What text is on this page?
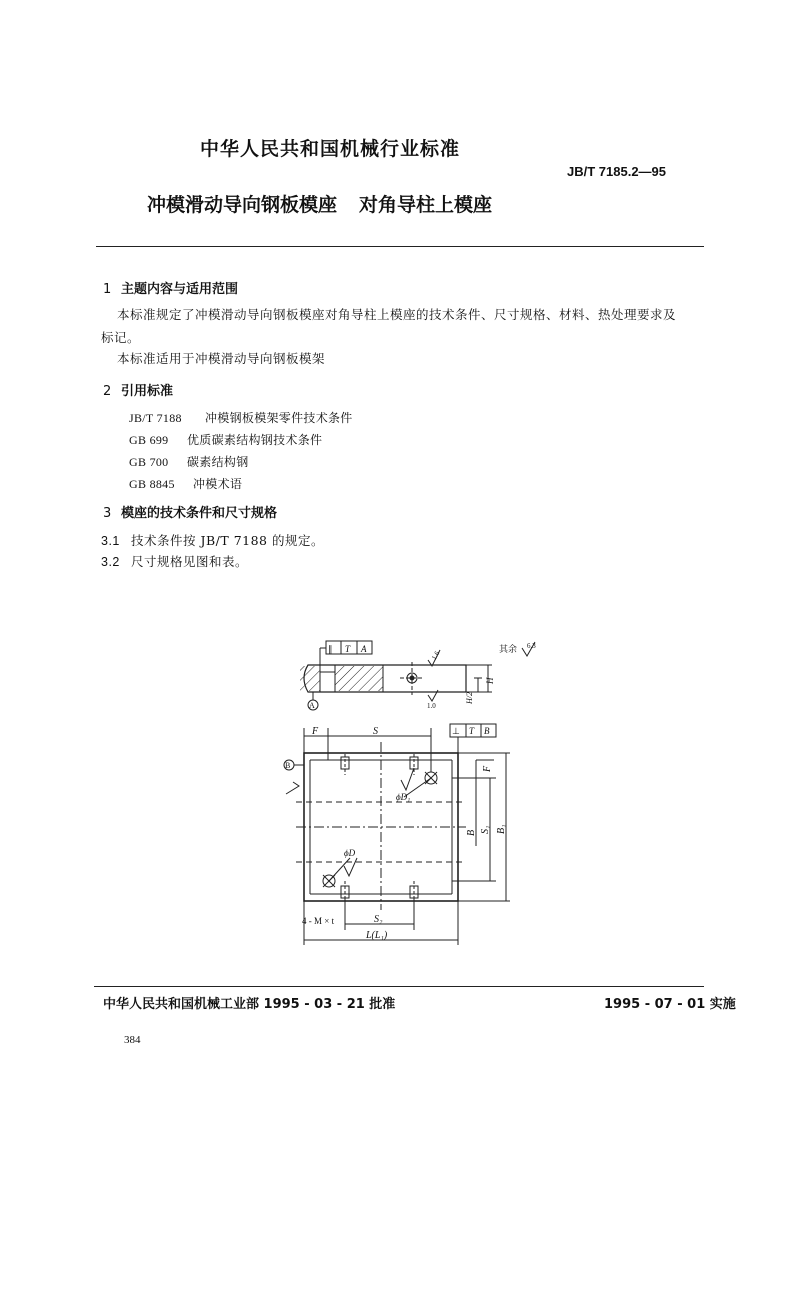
中华人民共和国机械行业标准
JB/T 7185.2—95
冲模滑动导向钢板模座 对角导柱上模座
1 主题内容与适用范围
本标准规定了冲模滑动导向钢板模座对角导柱上模座的技术条件、尺寸规格、材料、热处理要求及
标记。
本标准适用于冲模滑动导向钢板模架
2 引用标准
JB/T 7188 冲模钢板模架零件技术条件
GB 699 优质碳素结构钢技术条件
GB 700 碳素结构钢
GB 8845 冲模术语
3 模座的技术条件和尺寸规格
3.1 技术条件按 JB/T 7188 的规定。
3.2 尺寸规格见图和表。
其余 6.3
∥ T A
⊥ T B
A
B
1.6
1.0
H
H/2
F	S
F
B S₁ B₁
ϕD₁
ϕD
S₂
L(L₁)
4 - M × t
中华人民共和国机械工业部 1995 - 03 - 21 批准	1995 - 07 - 01 实施
384
